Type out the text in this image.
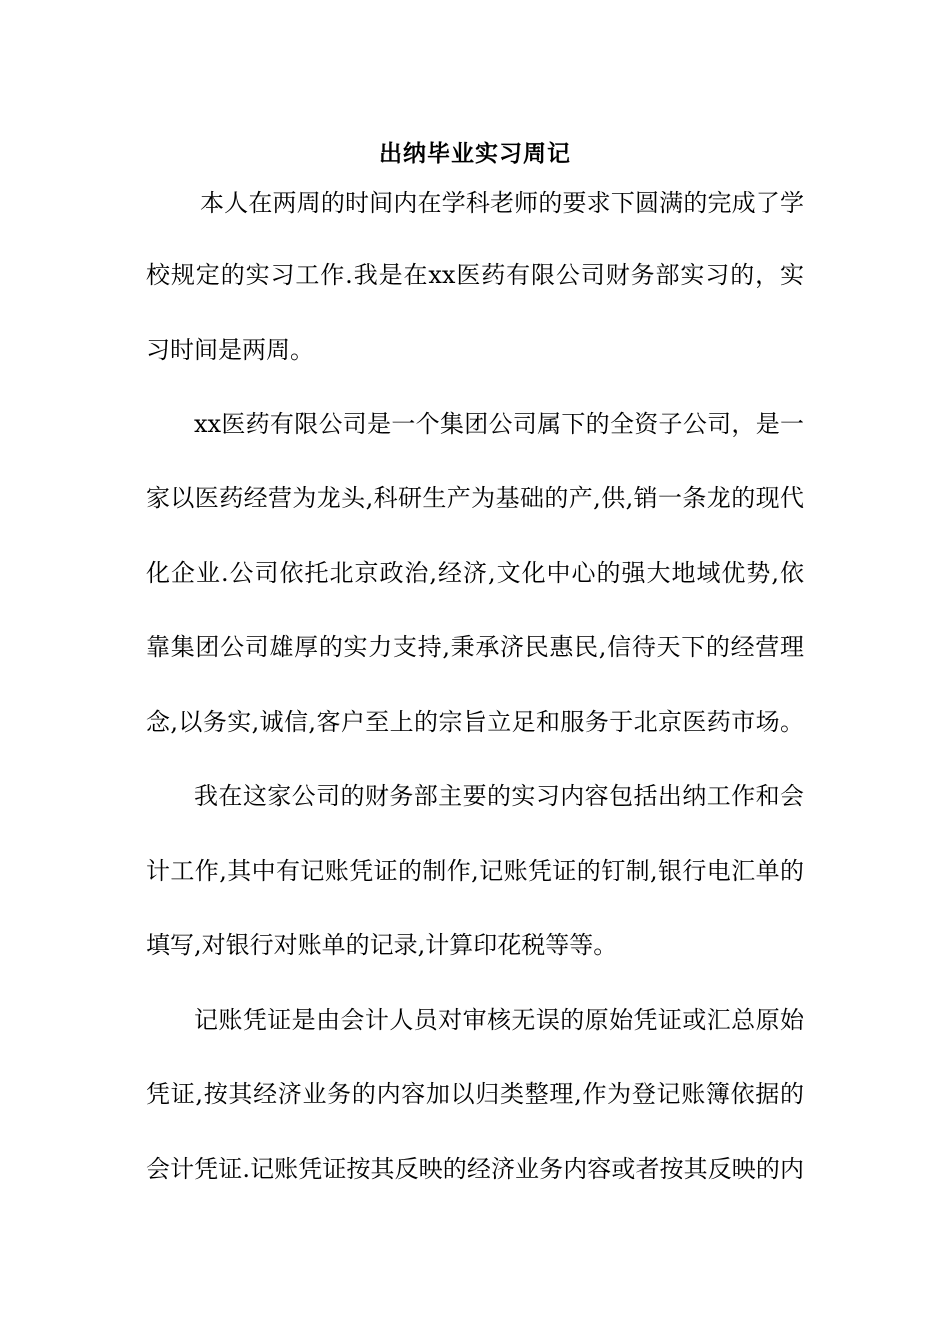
出纳毕业实习周记
本人在两周的时间内在学科老师的要求下圆满的完成了学
校规定的实习工作.我是在xx医药有限公司财务部实习的，实
习时间是两周。
xx医药有限公司是一个集团公司属下的全资子公司，是一
家以医药经营为龙头,科研生产为基础的产,供,销一条龙的现代
化企业.公司依托北京政治,经济,文化中心的强大地域优势,依
靠集团公司雄厚的实力支持,秉承济民惠民,信待天下的经营理
念,以务实,诚信,客户至上的宗旨立足和服务于北京医药市场。
我在这家公司的财务部主要的实习内容包括出纳工作和会
计工作,其中有记账凭证的制作,记账凭证的钉制,银行电汇单的
填写,对银行对账单的记录,计算印花税等等。
记账凭证是由会计人员对审核无误的原始凭证或汇总原始
凭证,按其经济业务的内容加以归类整理,作为登记账簿依据的
会计凭证.记账凭证按其反映的经济业务内容或者按其反映的内
